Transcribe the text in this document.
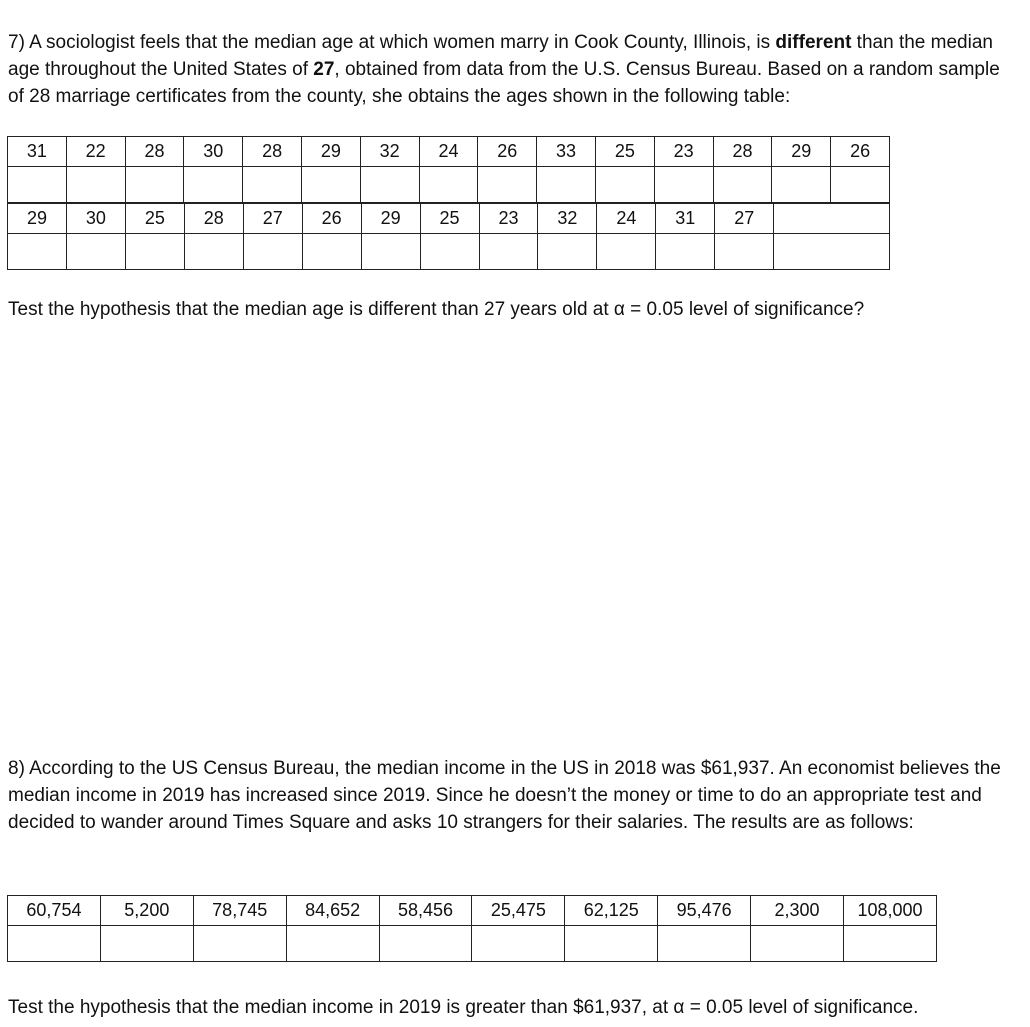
7) A sociologist feels that the median age at which women marry in Cook County, Illinois, is different than the median age throughout the United States of 27, obtained from data from the U.S. Census Bureau. Based on a random sample of 28 marriage certificates from the county, she obtains the ages shown in the following table:
31	22	28	30	28	29	32	24	26	33	25	23	28	29	26

29	30	25	28	27	26	29	25	23	32	24	31	27	

Test the hypothesis that the median age is different than 27 years old at α = 0.05 level of significance?
8) According to the US Census Bureau, the median income in the US in 2018 was $61,937. An economist believes the median income in 2019 has increased since 2019. Since he doesn’t the money or time to do an appropriate test and decided to wander around Times Square and asks 10 strangers for their salaries. The results are as follows:
60,754	5,200	78,745	84,652	58,456	25,475	62,125	95,476	2,300	108,000

Test the hypothesis that the median income in 2019 is greater than $61,937, at α = 0.05 level of significance.
